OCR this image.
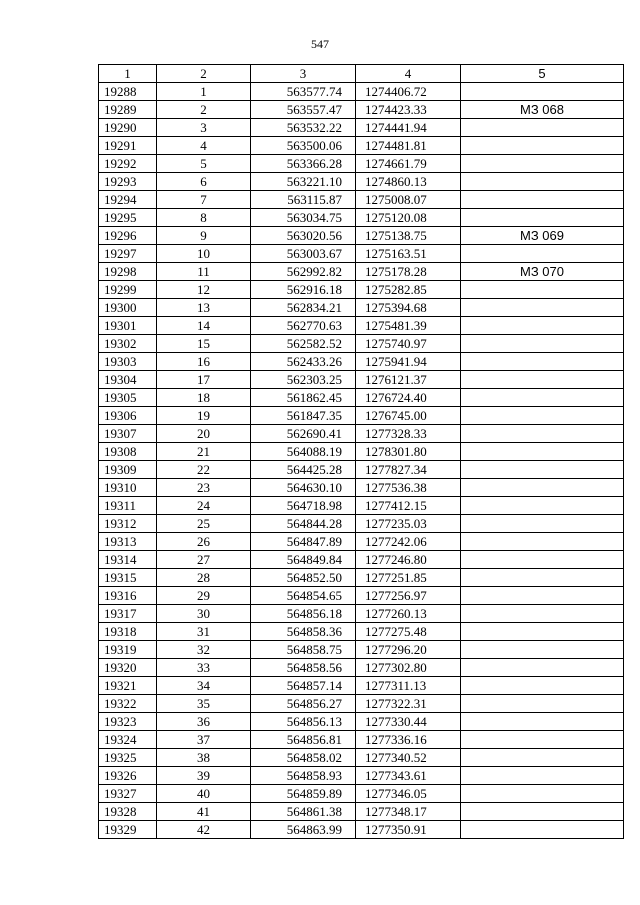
547
1	2	3	4	5
19288	1	563577.74	1274406.72	
19289	2	563557.47	1274423.33	МЗ 068
19290	3	563532.22	1274441.94	
19291	4	563500.06	1274481.81	
19292	5	563366.28	1274661.79	
19293	6	563221.10	1274860.13	
19294	7	563115.87	1275008.07	
19295	8	563034.75	1275120.08	
19296	9	563020.56	1275138.75	МЗ 069
19297	10	563003.67	1275163.51	
19298	11	562992.82	1275178.28	МЗ 070
19299	12	562916.18	1275282.85	
19300	13	562834.21	1275394.68	
19301	14	562770.63	1275481.39	
19302	15	562582.52	1275740.97	
19303	16	562433.26	1275941.94	
19304	17	562303.25	1276121.37	
19305	18	561862.45	1276724.40	
19306	19	561847.35	1276745.00	
19307	20	562690.41	1277328.33	
19308	21	564088.19	1278301.80	
19309	22	564425.28	1277827.34	
19310	23	564630.10	1277536.38	
19311	24	564718.98	1277412.15	
19312	25	564844.28	1277235.03	
19313	26	564847.89	1277242.06	
19314	27	564849.84	1277246.80	
19315	28	564852.50	1277251.85	
19316	29	564854.65	1277256.97	
19317	30	564856.18	1277260.13	
19318	31	564858.36	1277275.48	
19319	32	564858.75	1277296.20	
19320	33	564858.56	1277302.80	
19321	34	564857.14	1277311.13	
19322	35	564856.27	1277322.31	
19323	36	564856.13	1277330.44	
19324	37	564856.81	1277336.16	
19325	38	564858.02	1277340.52	
19326	39	564858.93	1277343.61	
19327	40	564859.89	1277346.05	
19328	41	564861.38	1277348.17	
19329	42	564863.99	1277350.91	
